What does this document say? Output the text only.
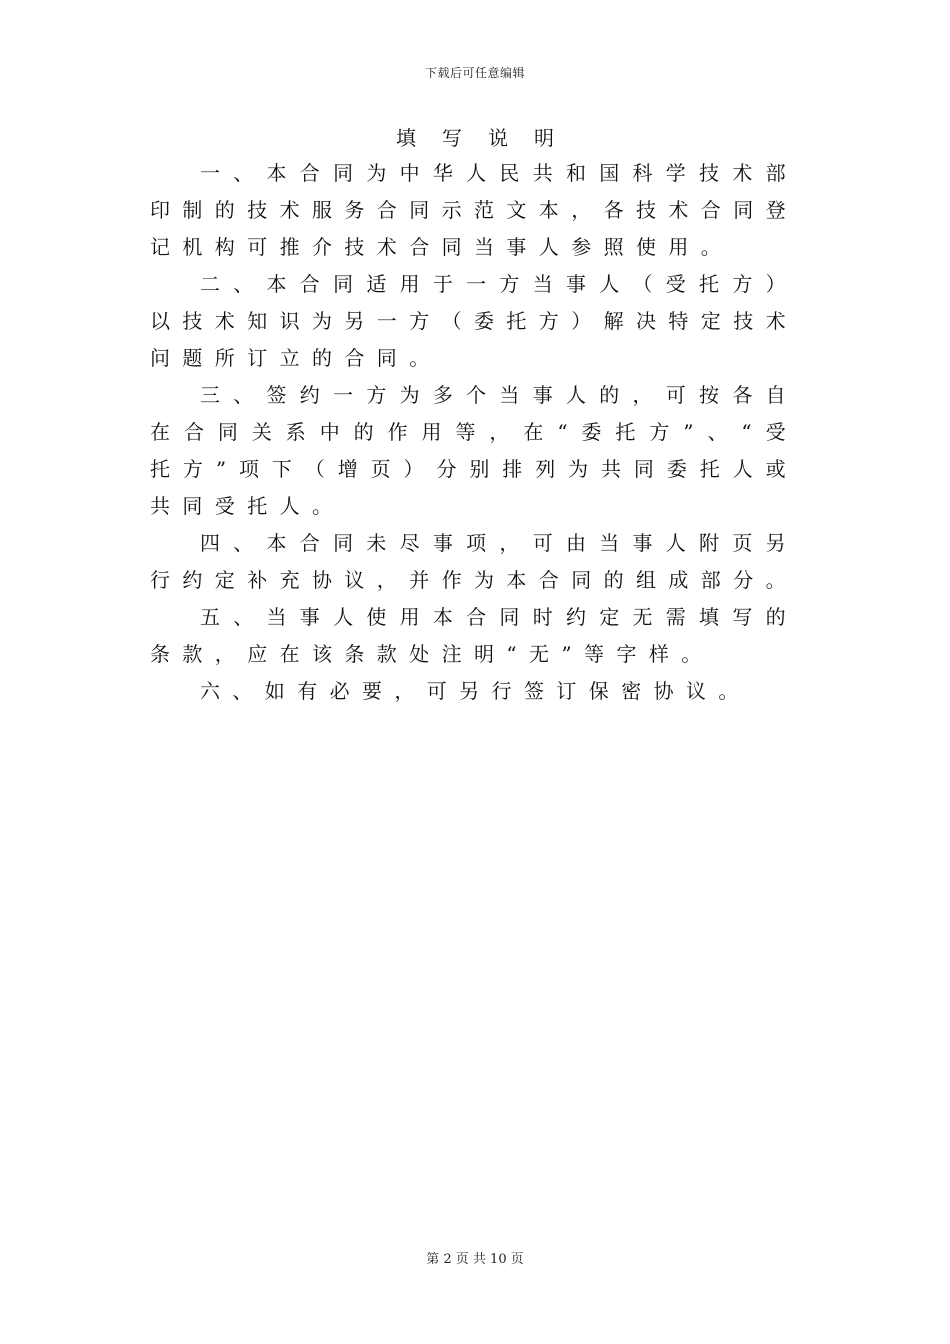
下载后可任意编辑
填写说明

一、本合同为中华人民共和国科学技术部印制的技术服务合同示范文本，各技术合同登记机构可推介技术合同当事人参照使用。

二、本合同适用于一方当事人（受托方）以技术知识为另一方（委托方）解决特定技术问题所订立的合同。

三、签约一方为多个当事人的，可按各自在合同关系中的作用等，在“委托方”、“受托方”项下（增页）分别排列为共同委托人或共同受托人。

四、本合同未尽事项，可由当事人附页另行约定补充协议，并作为本合同的组成部分。

五、当事人使用本合同时约定无需填写的条款，应在该条款处注明“无”等字样。

六、如有必要，可另行签订保密协议。

第 2 页 共 10 页
